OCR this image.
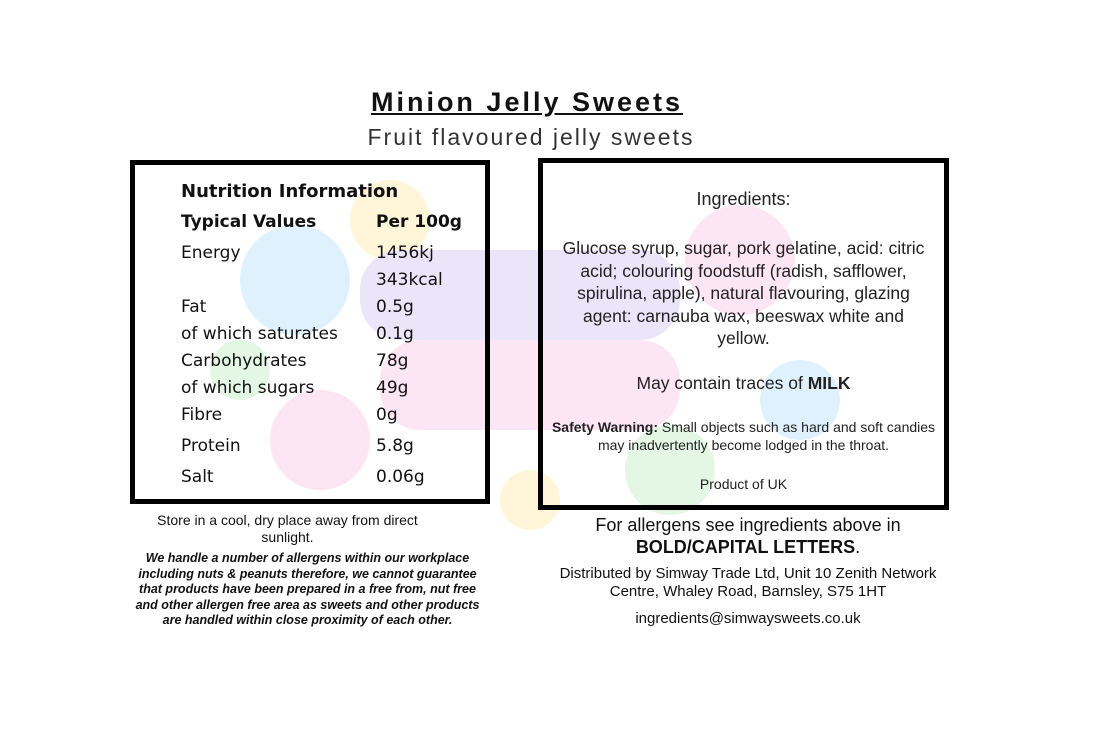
Minion Jelly Sweets
Fruit flavoured jelly sweets
Nutrition Information
Typical Values	Per 100g
Energy	1456kj
343kcal
Fat	0.5g
of which saturates 0.1g
Carbohydrates	78g
of which sugars	49g
Fibre	0g
Protein	5.8g
Salt	0.06g
Ingredients:
Glucose syrup, sugar, pork gelatine, acid: citric acid; colouring foodstuff (radish, safflower, spirulina, apple), natural flavouring, glazing agent: carnauba wax, beeswax white and yellow.
May contain traces of MILK
Safety Warning: Small objects such as hard and soft candies may inadvertently become lodged in the throat.
Product of UK
Store in a cool, dry place away from direct sunlight.
We handle a number of allergens within our workplace including nuts & peanuts therefore, we cannot guarantee that products have been prepared in a free from, nut free and other allergen free area as sweets and other products are handled within close proximity of each other.
For allergens see ingredients above in
BOLD/CAPITAL LETTERS.
Distributed by Simway Trade Ltd, Unit 10 Zenith Network Centre, Whaley Road, Barnsley, S75 1HT
ingredients@simwaysweets.co.uk
